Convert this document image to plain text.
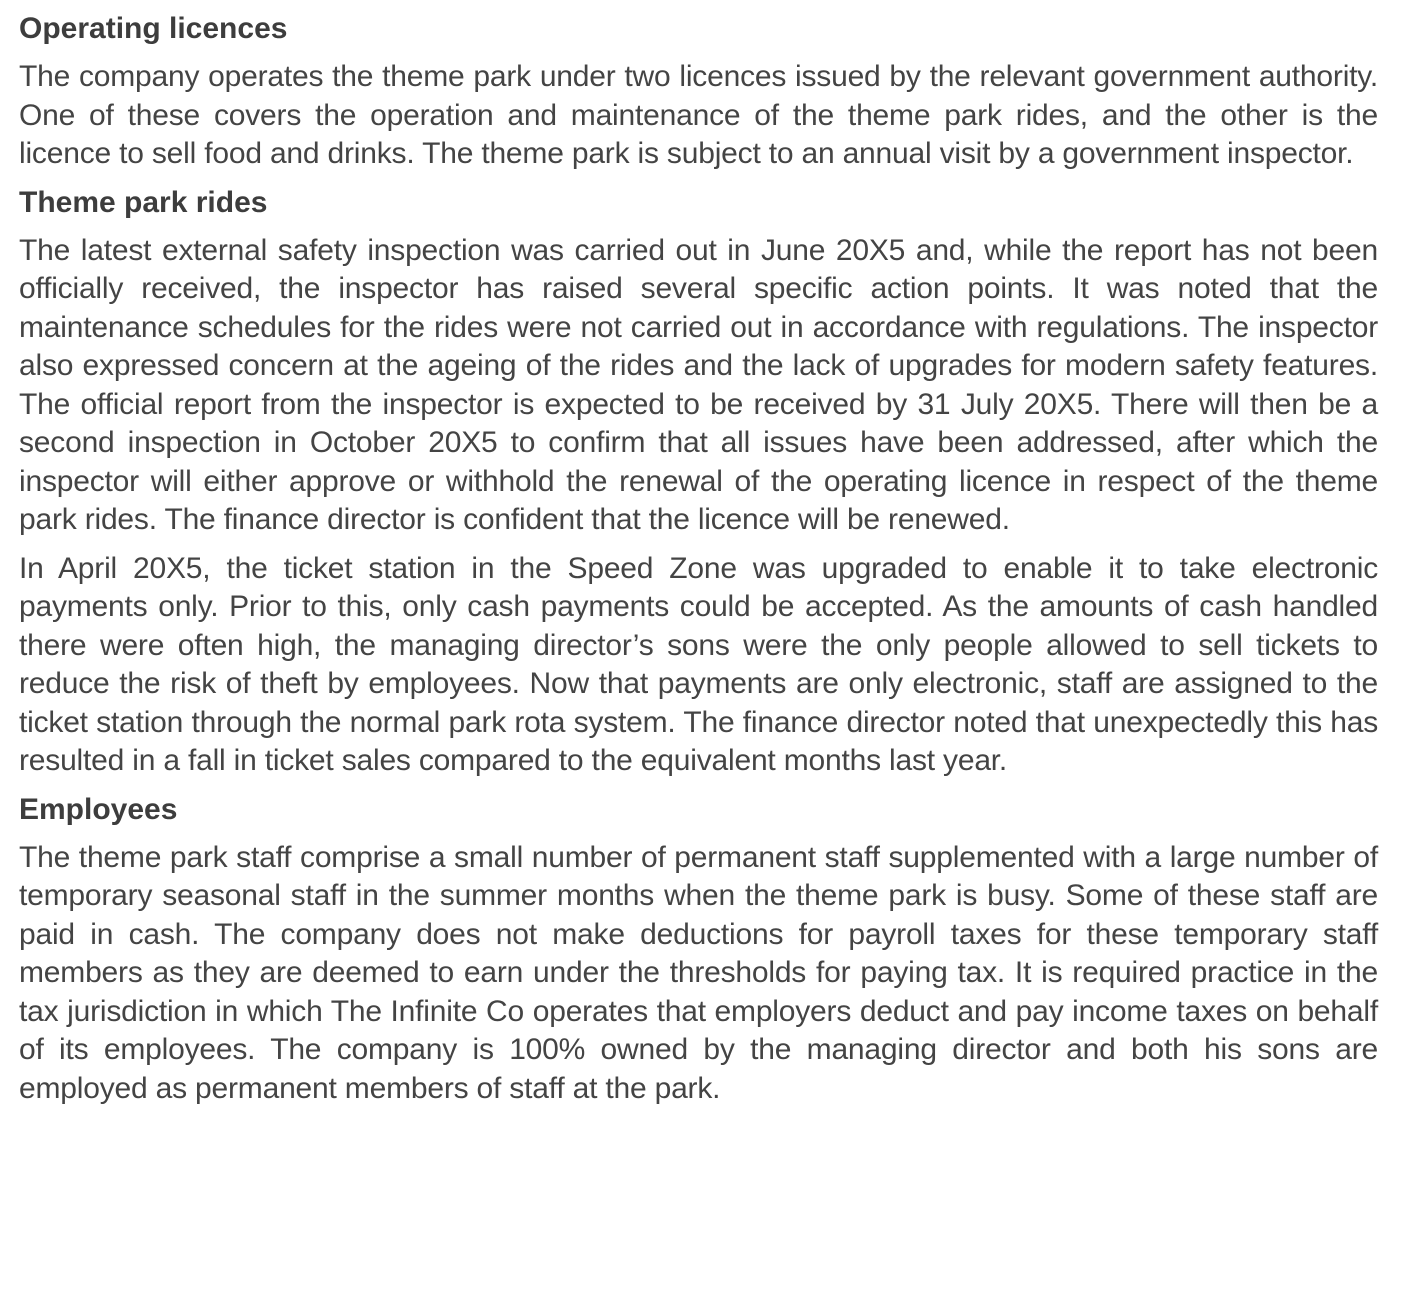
Operating licences

The company operates the theme park under two licences issued by the relevant government authority. One of these covers the operation and maintenance of the theme park rides, and the other is the licence to sell food and drinks. The theme park is subject to an annual visit by a government inspector.

Theme park rides

The latest external safety inspection was carried out in June 20X5 and, while the report has not been officially received, the inspector has raised several specific action points. It was noted that the maintenance schedules for the rides were not carried out in accordance with regulations. The inspector also expressed concern at the ageing of the rides and the lack of upgrades for modern safety features. The official report from the inspector is expected to be received by 31 July 20X5. There will then be a second inspection in October 20X5 to confirm that all issues have been addressed, after which the inspector will either approve or withhold the renewal of the operating licence in respect of the theme park rides. The finance director is confident that the licence will be renewed.

In April 20X5, the ticket station in the Speed Zone was upgraded to enable it to take electronic payments only. Prior to this, only cash payments could be accepted. As the amounts of cash handled there were often high, the managing director’s sons were the only people allowed to sell tickets to reduce the risk of theft by employees. Now that payments are only electronic, staff are assigned to the ticket station through the normal park rota system. The finance director noted that unexpectedly this has resulted in a fall in ticket sales compared to the equivalent months last year.

Employees

The theme park staff comprise a small number of permanent staff supplemented with a large number of temporary seasonal staff in the summer months when the theme park is busy. Some of these staff are paid in cash. The company does not make deductions for payroll taxes for these temporary staff members as they are deemed to earn under the thresholds for paying tax. It is required practice in the tax jurisdiction in which The Infinite Co operates that employers deduct and pay income taxes on behalf of its employees. The company is 100% owned by the managing director and both his sons are employed as permanent members of staff at the park.
